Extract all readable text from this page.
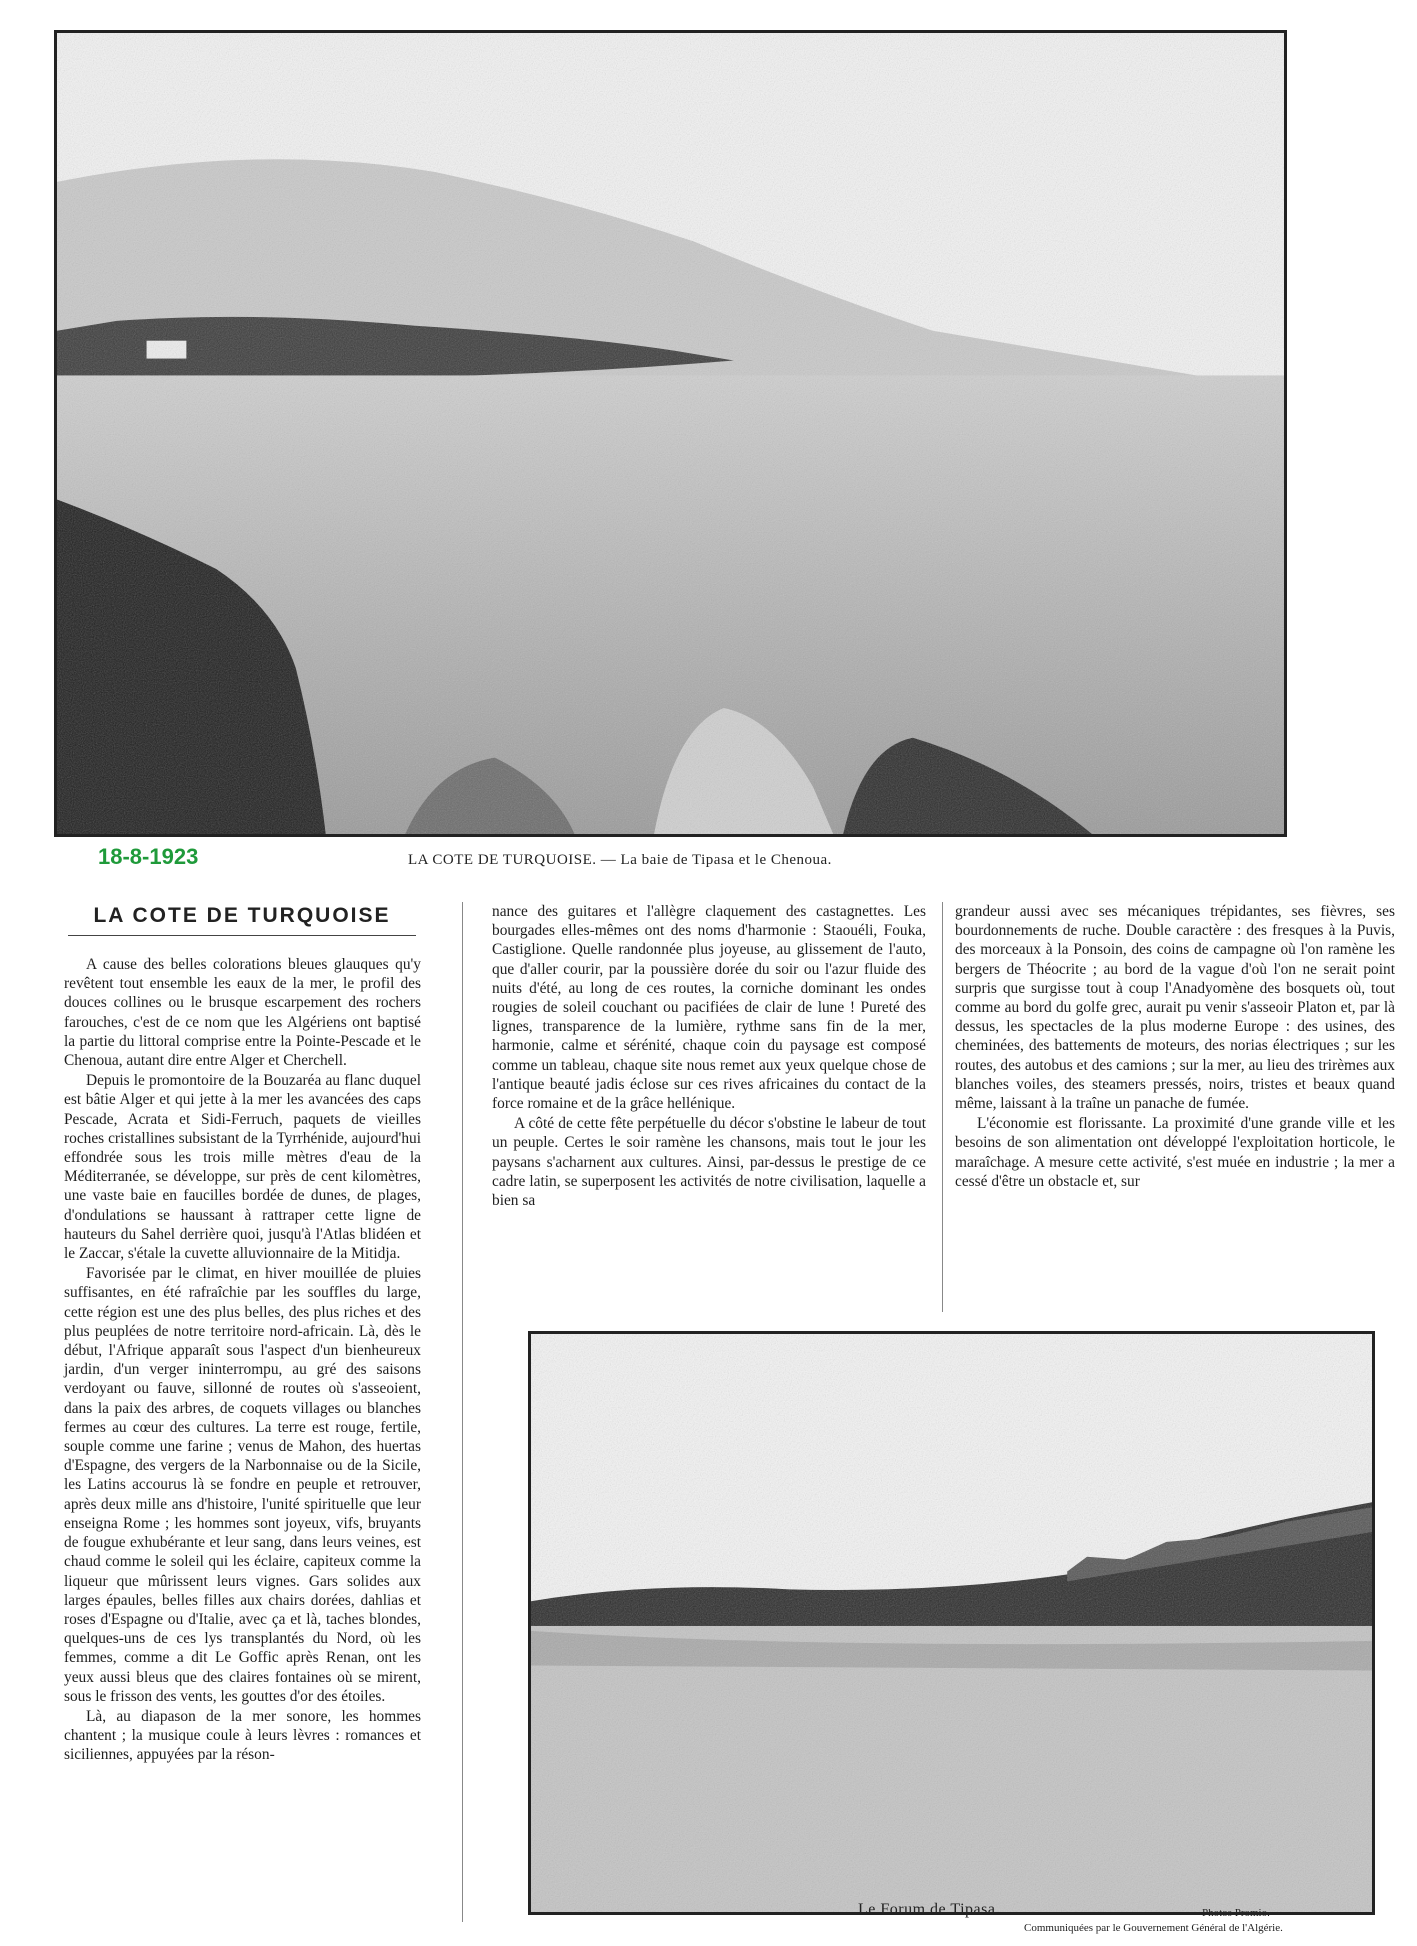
18-8-1923	LA COTE DE TURQUOISE. — La baie de Tipasa et le Chenoua.
LA COTE DE TURQUOISE

A cause des belles colorations bleues glauques qu'y revêtent tout ensemble les eaux de la mer, le profil des douces collines ou le brusque escarpement des rochers farouches, c'est de ce nom que les Algériens ont baptisé la partie du littoral comprise entre la Pointe-Pescade et le Chenoua, autant dire entre Alger et Cherchell.

Depuis le promontoire de la Bouzaréa au flanc duquel est bâtie Alger et qui jette à la mer les avancées des caps Pescade, Acrata et Sidi-Ferruch, paquets de vieilles roches cristallines subsistant de la Tyrrhénide, aujourd'hui effondrée sous les trois mille mètres d'eau de la Méditerranée, se développe, sur près de cent kilomètres, une vaste baie en faucilles bordée de dunes, de plages, d'ondulations se haussant à rattraper cette ligne de hauteurs du Sahel derrière quoi, jusqu'à l'Atlas blidéen et le Zaccar, s'étale la cuvette alluvionnaire de la Mitidja.

Favorisée par le climat, en hiver mouillée de pluies suffisantes, en été rafraîchie par les souffles du large, cette région est une des plus belles, des plus riches et des plus peuplées de notre territoire nord-africain. Là, dès le début, l'Afrique apparaît sous l'aspect d'un bienheureux jardin, d'un verger ininterrompu, au gré des saisons verdoyant ou fauve, sillonné de routes où s'asseoient, dans la paix des arbres, de coquets villages ou blanches fermes au cœur des cultures. La terre est rouge, fertile, souple comme une farine ; venus de Mahon, des huertas d'Espagne, des vergers de la Narbonnaise ou de la Sicile, les Latins accourus là se fondre en peuple et retrouver, après deux mille ans d'histoire, l'unité spirituelle que leur enseigna Rome ; les hommes sont joyeux, vifs, bruyants de fougue exhubérante et leur sang, dans leurs veines, est chaud comme le soleil qui les éclaire, capiteux comme la liqueur que mûrissent leurs vignes. Gars solides aux larges épaules, belles filles aux chairs dorées, dahlias et roses d'Espagne ou d'Italie, avec ça et là, taches blondes, quelques-uns de ces lys transplantés du Nord, où les femmes, comme a dit Le Goffic après Renan, ont les yeux aussi bleus que des claires fontaines où se mirent, sous le frisson des vents, les gouttes d'or des étoiles.

Là, au diapason de la mer sonore, les hommes chantent ; la musique coule à leurs lèvres : romances et siciliennes, appuyées par la réson-

nance des guitares et l'allègre claquement des castagnettes. Les bourgades elles-mêmes ont des noms d'harmonie : Staouéli, Fouka, Castiglione. Quelle randonnée plus joyeuse, au glissement de l'auto, que d'aller courir, par la poussière dorée du soir ou l'azur fluide des nuits d'été, au long de ces routes, la corniche dominant les ondes rougies de soleil couchant ou pacifiées de clair de lune ! Pureté des lignes, transparence de la lumière, rythme sans fin de la mer, harmonie, calme et sérénité, chaque coin du paysage est composé comme un tableau, chaque site nous remet aux yeux quelque chose de l'antique beauté jadis éclose sur ces rives africaines du contact de la force romaine et de la grâce hellénique.

A côté de cette fête perpétuelle du décor s'obstine le labeur de tout un peuple. Certes le soir ramène les chansons, mais tout le jour les paysans s'acharnent aux cultures. Ainsi, par-dessus le prestige de ce cadre latin, se superposent les activités de notre civilisation, laquelle a bien sa

grandeur aussi avec ses mécaniques trépidantes, ses fièvres, ses bourdonnements de ruche. Double caractère : des fresques à la Puvis, des morceaux à la Ponsoin, des coins de campagne où l'on ramène les bergers de Théocrite ; au bord de la vague d'où l'on ne serait point surpris que surgisse tout à coup l'Anadyomène des bosquets où, tout comme au bord du golfe grec, aurait pu venir s'asseoir Platon et, par là dessus, les spectacles de la plus moderne Europe : des usines, des cheminées, des battements de moteurs, des norias électriques ; sur les routes, des autobus et des camions ; sur la mer, au lieu des trirèmes aux blanches voiles, des steamers pressés, noirs, tristes et beaux quand même, laissant à la traîne un panache de fumée.

L'économie est florissante. La proximité d'une grande ville et les besoins de son alimentation ont développé l'exploitation horticole, le maraîchage. A mesure cette activité, s'est muée en industrie ; la mer a cessé d'être un obstacle et, sur

Le Forum de Tipasa.	Photos Promio.
Communiquées par le Gouvernement Général de l'Algérie.
